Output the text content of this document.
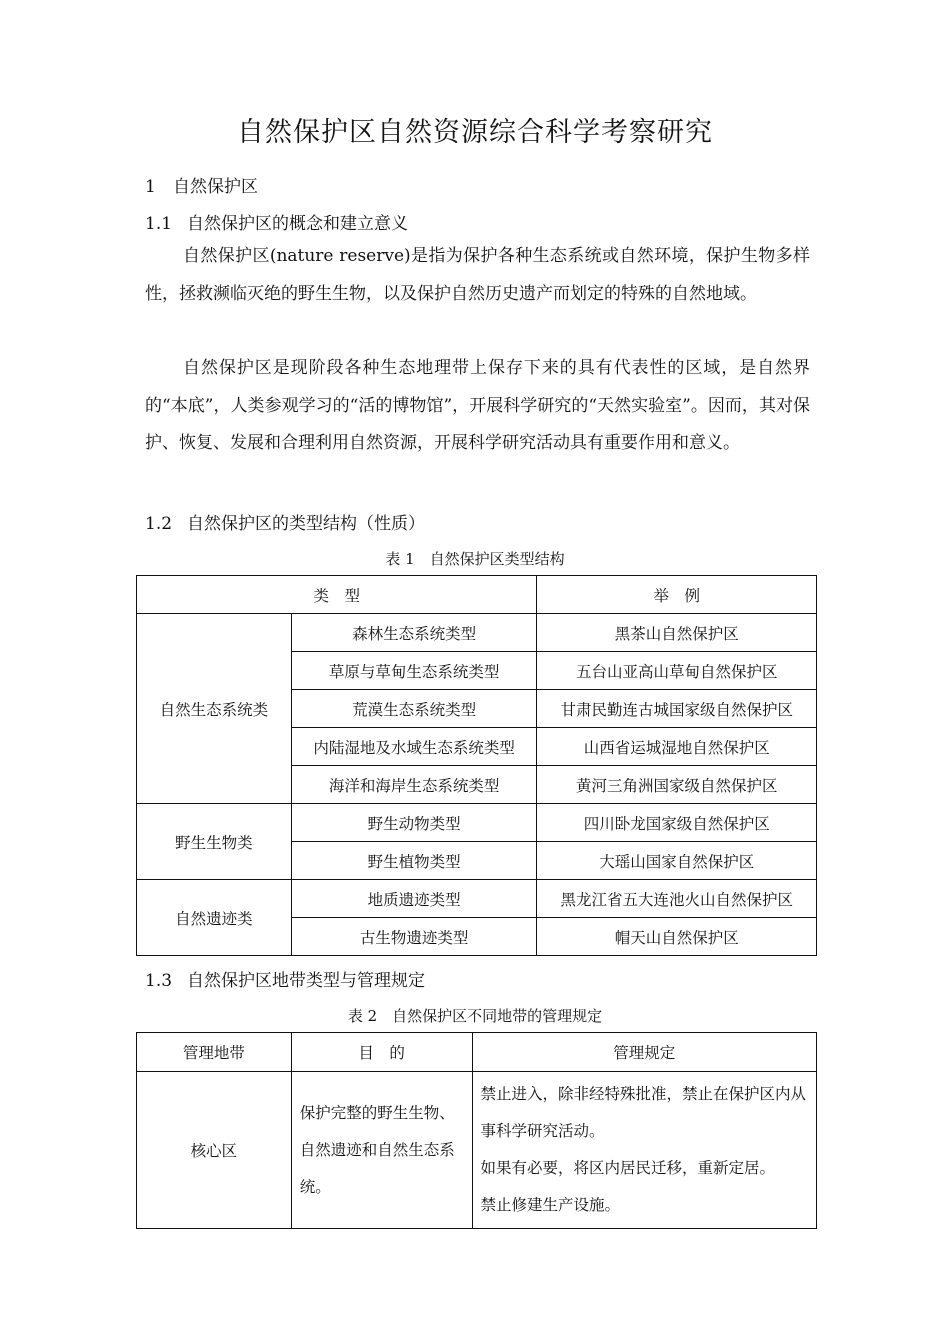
自然保护区自然资源综合科学考察研究
1 自然保护区
1.1 自然保护区的概念和建立意义

自然保护区(nature reserve)是指为保护各种生态系统或自然环境，保护生物多样性，拯救濒临灭绝的野生生物，以及保护自然历史遗产而划定的特殊的自然地域。

自然保护区是现阶段各种生态地理带上保存下来的具有代表性的区域，是自然界的“本底”，人类参观学习的“活的博物馆”，开展科学研究的“天然实验室”。因而，其对保护、恢复、发展和合理利用自然资源，开展科学研究活动具有重要作用和意义。

1.2 自然保护区的类型结构（性质）
表 1　自然保护区类型结构
类　型		举　例
自然生态系统类	森林生态系统类型	黑茶山自然保护区
	草原与草甸生态系统类型	五台山亚高山草甸自然保护区
	荒漠生态系统类型	甘肃民勤连古城国家级自然保护区
	内陆湿地及水域生态系统类型	山西省运城湿地自然保护区
	海洋和海岸生态系统类型	黄河三角洲国家级自然保护区
野生生物类	野生动物类型	四川卧龙国家级自然保护区
	野生植物类型	大瑶山国家自然保护区
自然遗迹类	地质遗迹类型	黑龙江省五大连池火山自然保护区
	古生物遗迹类型	帽天山自然保护区
1.3 自然保护区地带类型与管理规定
表 2　自然保护区不同地带的管理规定
管理地带	目　的	管理规定
核心区	保护完整的野生生物、自然遗迹和自然生态系统。	禁止进入，除非经特殊批准，禁止在保护区内从事科学研究活动。

如果有必要，将区内居民迁移，重新定居。

禁止修建生产设施。
